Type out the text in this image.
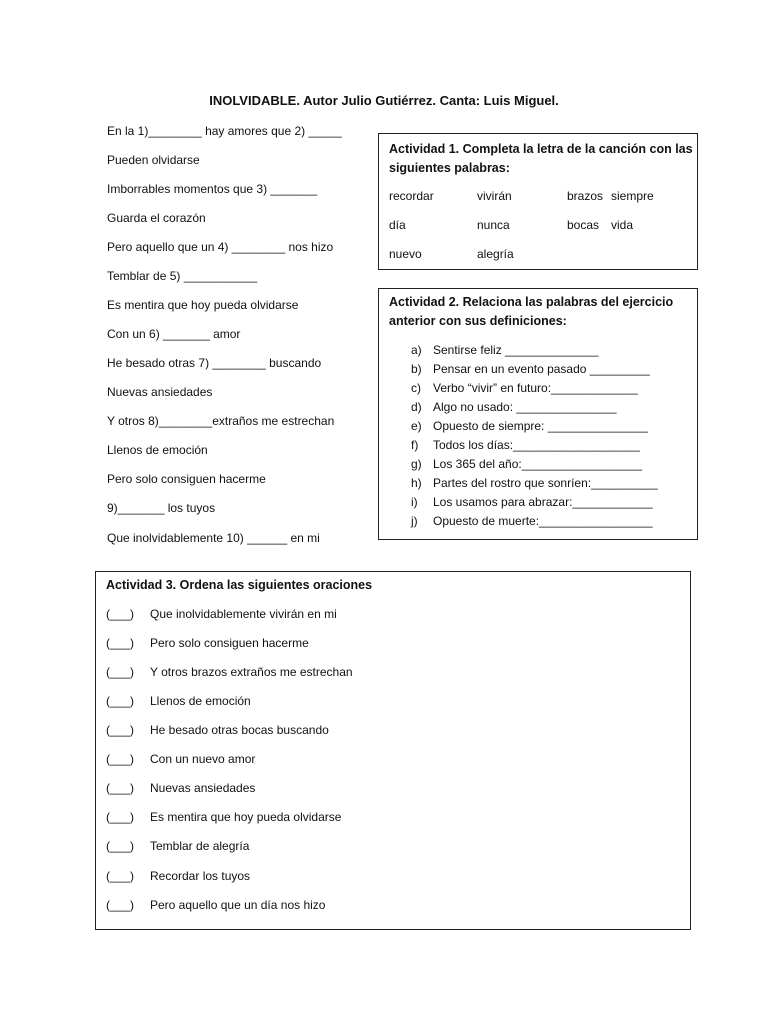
INOLVIDABLE. Autor Julio Gutiérrez. Canta: Luis Miguel.
En la 1)________ hay amores que 2) _____
Pueden olvidarse
Imborrables momentos que 3) _______
Guarda el corazón
Pero aquello que un 4) ________ nos hizo
Temblar de 5) ___________
Es mentira que hoy pueda olvidarse
Con un 6) _______ amor
He besado otras 7) ________ buscando
Nuevas ansiedades
Y otros 8)________extraños me estrechan
Llenos de emoción
Pero solo consiguen hacerme
9)_______ los tuyos
Que inolvidablemente 10) ______ en mi
Actividad 1. Completa la letra de la canción con las
siguientes palabras:
recordar	vivirán	brazos siempre
día	nunca	bocas vida
nuevo	alegría
Actividad 2. Relaciona las palabras del ejercicio
anterior con sus definiciones:
a) Sentirse feliz ______________
b) Pensar en un evento pasado _________
c) Verbo “vivir” en futuro:_____________
d) Algo no usado: _______________
e) Opuesto de siempre: _______________
f) Todos los días:___________________
g) Los 365 del año:__________________
h) Partes del rostro que sonríen:__________
i) Los usamos para abrazar:____________
j) Opuesto de muerte:_________________
Actividad 3. Ordena las siguientes oraciones
(___) Que inolvidablemente vivirán en mi
(___) Pero solo consiguen hacerme
(___) Y otros brazos extraños me estrechan
(___) Llenos de emoción
(___) He besado otras bocas buscando
(___) Con un nuevo amor
(___) Nuevas ansiedades
(___) Es mentira que hoy pueda olvidarse
(___) Temblar de alegría
(___) Recordar los tuyos
(___) Pero aquello que un día nos hizo
